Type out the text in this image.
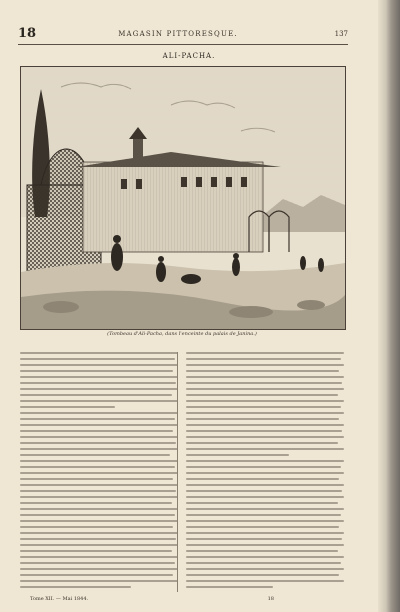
18	MAGASIN PITTORESQUE.	137
ALI-PACHA.
(Tombeau d'Ali-Pacha, dans l'enceinte du palais de Janina.)
Tome XII. — Mai 1844.	18
